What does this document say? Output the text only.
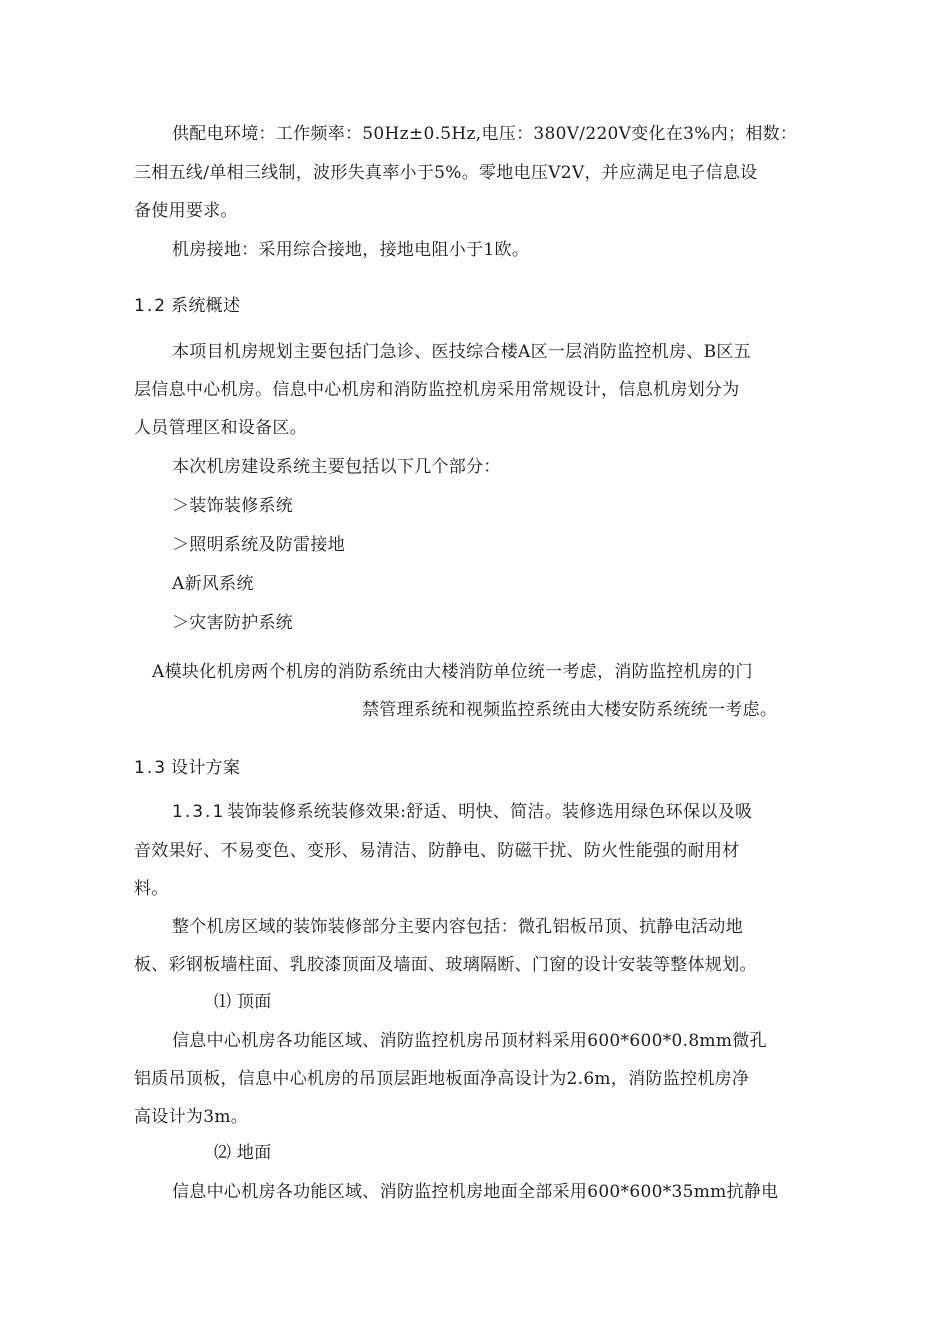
供配电环境：工作频率：50Hz±0.5Hz,电压：380V/220V变化在3%内；相数：
三相五线/单相三线制，波形失真率小于5%。零地电压V2V，并应满足电子信息设
备使用要求。
机房接地：采用综合接地，接地电阻小于1欧。
1.2 系统概述
本项目机房规划主要包括门急诊、医技综合楼A区一层消防监控机房、B区五
层信息中心机房。信息中心机房和消防监控机房采用常规设计，信息机房划分为
人员管理区和设备区。
本次机房建设系统主要包括以下几个部分：
＞装饰装修系统
＞照明系统及防雷接地
A新风系统
＞灾害防护系统
A模块化机房两个机房的消防系统由大楼消防单位统一考虑，消防监控机房的门
禁管理系统和视频监控系统由大楼安防系统统一考虑。
1.3 设计方案
1.3.1 装饰装修系统装修效果:舒适、明快、简洁。装修选用绿色环保以及吸
音效果好、不易变色、变形、易清洁、防静电、防磁干扰、防火性能强的耐用材
料。
整个机房区域的装饰装修部分主要内容包括：微孔铝板吊顶、抗静电活动地
板、彩钢板墙柱面、乳胶漆顶面及墙面、玻璃隔断、门窗的设计安装等整体规划。
⑴ 顶面
信息中心机房各功能区域、消防监控机房吊顶材料采用600*600*0.8mm微孔
铝质吊顶板，信息中心机房的吊顶层距地板面净高设计为2.6m，消防监控机房净
高设计为3m。
⑵ 地面
信息中心机房各功能区域、消防监控机房地面全部采用600*600*35mm抗静电
